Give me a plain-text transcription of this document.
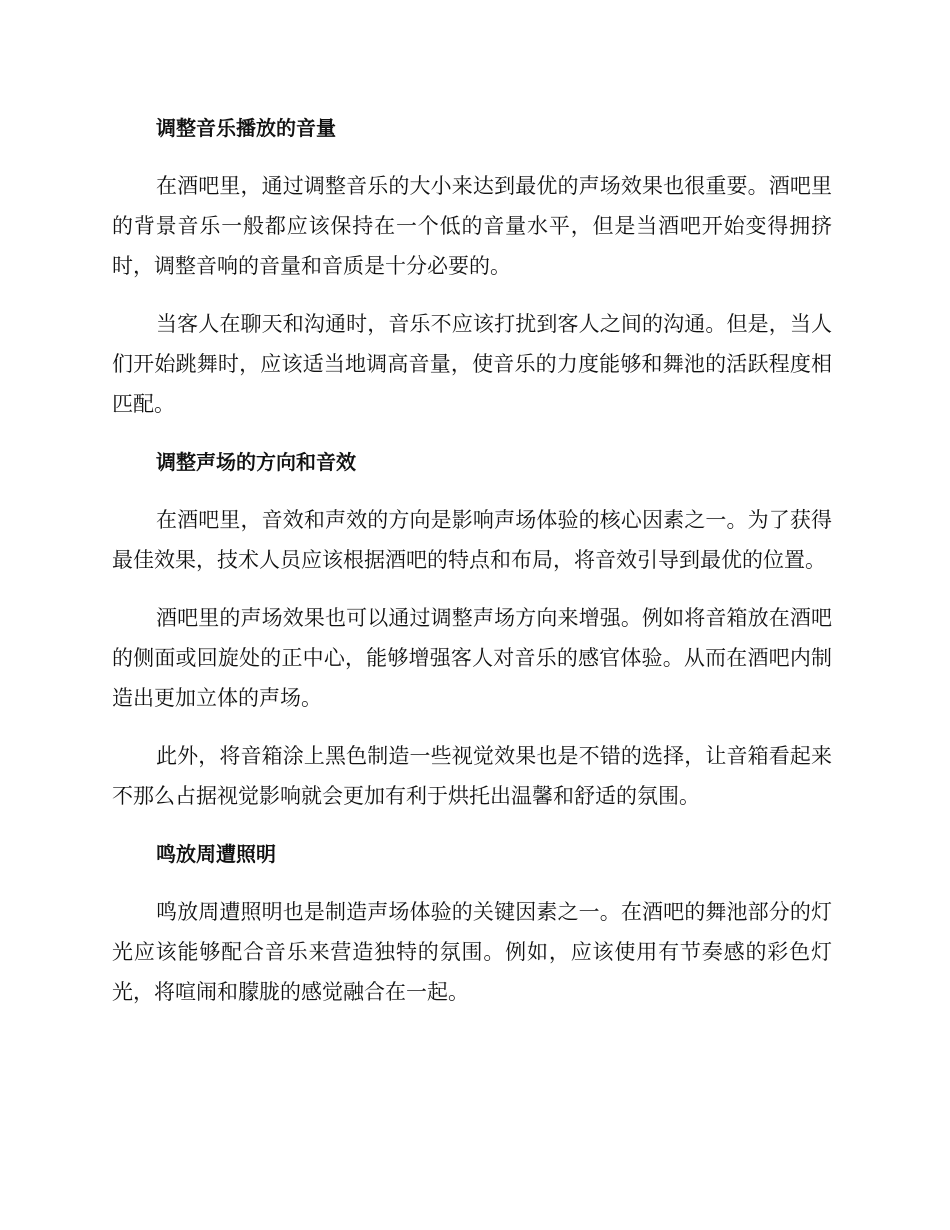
调整音乐播放的音量

在酒吧里，通过调整音乐的大小来达到最优的声场效果也很重要。酒吧里的背景音乐一般都应该保持在一个低的音量水平，但是当酒吧开始变得拥挤时，调整音响的音量和音质是十分必要的。

当客人在聊天和沟通时，音乐不应该打扰到客人之间的沟通。但是，当人们开始跳舞时，应该适当地调高音量，使音乐的力度能够和舞池的活跃程度相匹配。

调整声场的方向和音效

在酒吧里，音效和声效的方向是影响声场体验的核心因素之一。为了获得最佳效果，技术人员应该根据酒吧的特点和布局，将音效引导到最优的位置。

酒吧里的声场效果也可以通过调整声场方向来增强。例如将音箱放在酒吧的侧面或回旋处的正中心，能够增强客人对音乐的感官体验。从而在酒吧内制造出更加立体的声场。

此外，将音箱涂上黑色制造一些视觉效果也是不错的选择，让音箱看起来不那么占据视觉影响就会更加有利于烘托出温馨和舒适的氛围。

鸣放周遭照明

鸣放周遭照明也是制造声场体验的关键因素之一。在酒吧的舞池部分的灯光应该能够配合音乐来营造独特的氛围。例如，应该使用有节奏感的彩色灯光，将喧闹和朦胧的感觉融合在一起。
